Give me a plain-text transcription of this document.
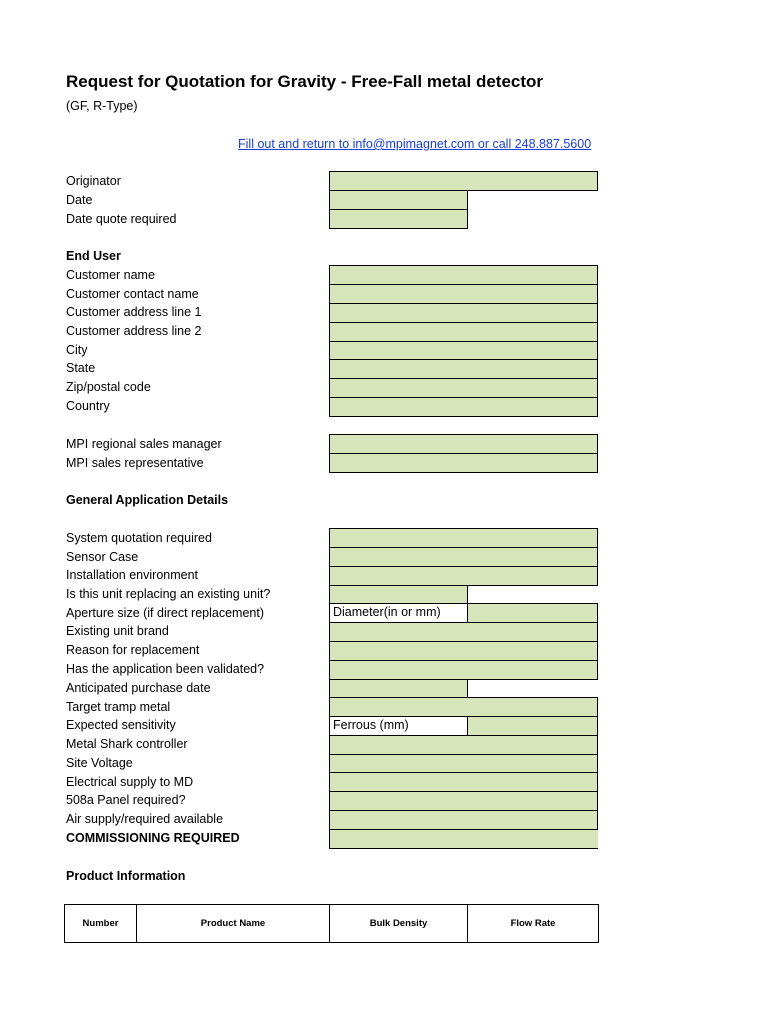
Request for Quotation for Gravity - Free-Fall metal detector
(GF, R-Type)
Fill out and return to info@mpimagnet.com or call 248.887.5600
Originator
Date
Date quote required
End User
Customer name
Customer contact name
Customer address line 1
Customer address line 2
City
State
Zip/postal code
Country
MPI regional sales manager
MPI sales representative
General Application Details
System quotation required
Sensor Case
Installation environment
Is this unit replacing an existing unit?
Aperture size (if direct replacement)	Diameter(in or mm)
Existing unit brand
Reason for replacement
Has the application been validated?
Anticipated purchase date
Target tramp metal
Expected sensitivity	Ferrous (mm)
Metal Shark controller
Site Voltage
Electrical supply to MD
508a Panel required?
Air supply/required available
COMMISSIONING REQUIRED
Product Information
Number	Product Name	Bulk Density	Flow Rate
